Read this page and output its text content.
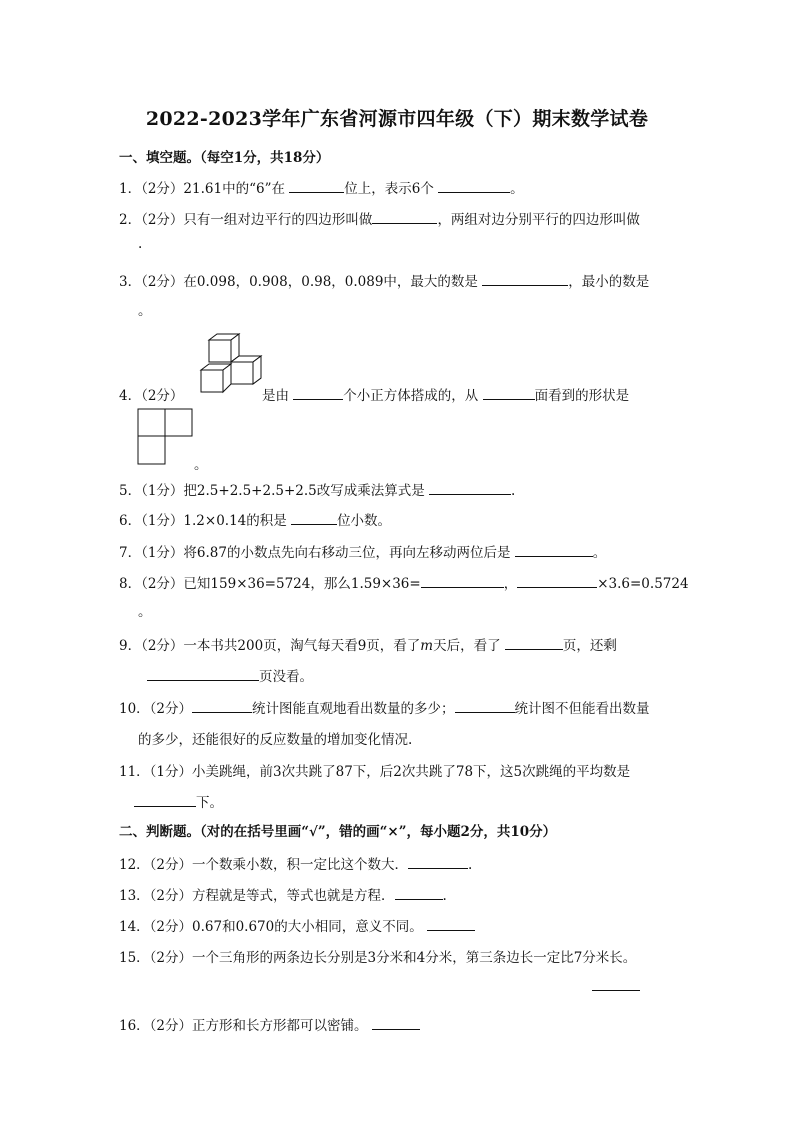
2022-2023学年广东省河源市四年级（下）期末数学试卷
一、填空题。（每空1分，共18分）
1．（2分）21.61中的“6”在	位上，表示6个	。
2．（2分）只有一组对边平行的四边形叫做	，两组对边分别平行的四边形叫做
.
3．（2分）在0.098，0.908，0.98，0.089中，最大的数是	，最小的数是
。
4．（2分）	是由	个小正方体搭成的，从	面看到的形状是
。
5．（1分）把2.5+2.5+2.5+2.5改写成乘法算式是	.
6．（1分）1.2×0.14的积是	位小数。
7．（1分）将6.87的小数点先向右移动三位，再向左移动两位后是	。
8．（2分）已知159×36=5724，那么1.59×36=	，	×3.6=0.5724
。
9．（2分）一本书共200页，淘气每天看9页，看了m天后，看了	页，还剩
页没看。
10．（2分）	统计图能直观地看出数量的多少；	统计图不但能看出数量
的多少，还能很好的反应数量的增加变化情况.
11．（1分）小美跳绳，前3次共跳了87下，后2次共跳了78下，这5次跳绳的平均数是
下。
二、判断题。（对的在括号里画“√”，错的画“×”，每小题2分，共10分）
12．（2分）一个数乘小数，积一定比这个数大．	.
13．（2分）方程就是等式，等式也就是方程．	.
14．（2分）0.67和0.670的大小相同，意义不同。
15．（2分）一个三角形的两条边长分别是3分米和4分米，第三条边长一定比7分米长。
16．（2分）正方形和长方形都可以密铺。
